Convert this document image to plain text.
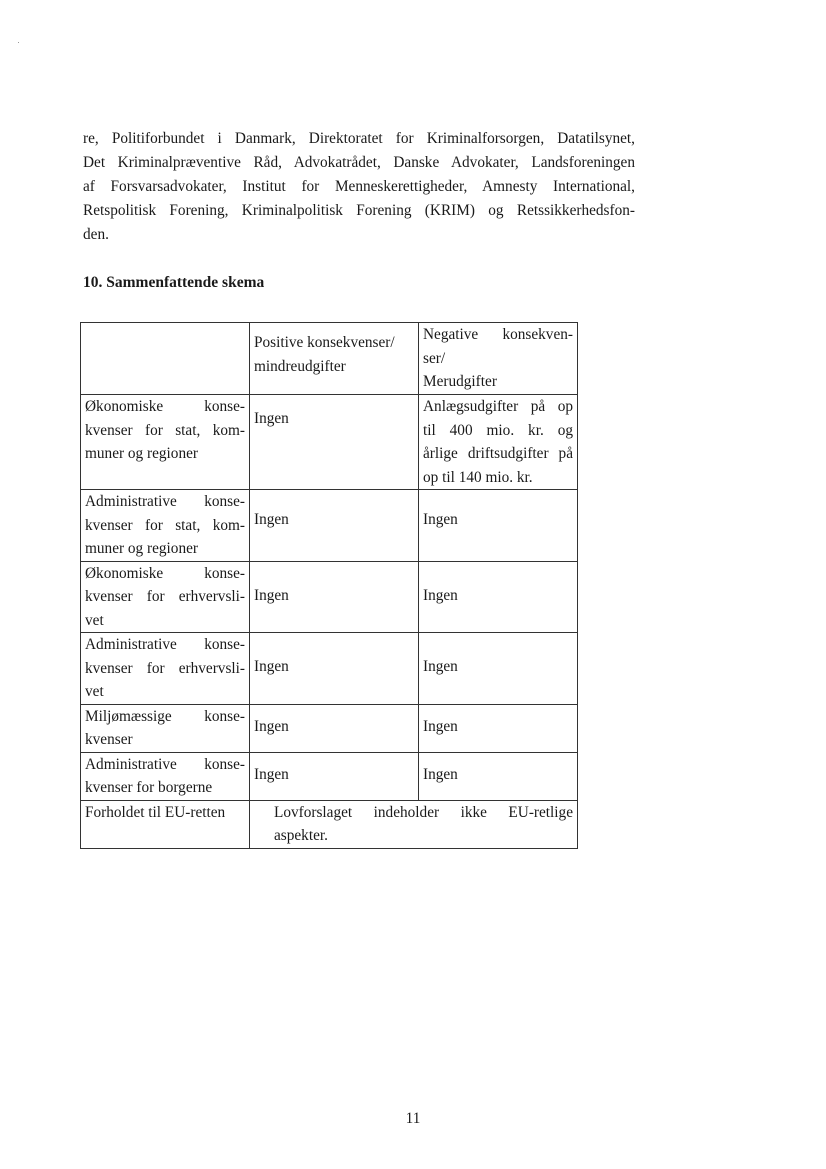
re, Politiforbundet i Danmark, Direktoratet for Kriminalforsorgen, Datatilsynet,
Det Kriminalpræventive Råd, Advokatrådet, Danske Advokater, Landsforeningen
af Forsvarsadvokater, Institut for Menneskerettigheder, Amnesty International,
Retspolitisk Forening, Kriminalpolitisk Forening (KRIM) og Retssikkerhedsfon-
den.
10. Sammenfattende skema

	Positive konsekvenser/
mindreudgifter	Negative konsekven-
ser/
Merudgifter

Økonomiske konse-
kvenser for stat, kom-
muner og regioner	Ingen	Anlægsudgifter på op
til 400 mio. kr. og
årlige driftsudgifter på
op til 140 mio. kr.

Administrative konse-
kvenser for stat, kom-
muner og regioner	Ingen	Ingen

Økonomiske konse-
kvenser for erhvervsli-
vet	Ingen	Ingen

Administrative konse-
kvenser for erhvervsli-
vet	Ingen	Ingen

Miljømæssige konse-
kvenser	Ingen	Ingen

Administrative konse-
kvenser for borgerne	Ingen	Ingen
Forholdet til EU-retten	Lovforslaget indeholder ikke EU-retlige
aspekter.	
11
